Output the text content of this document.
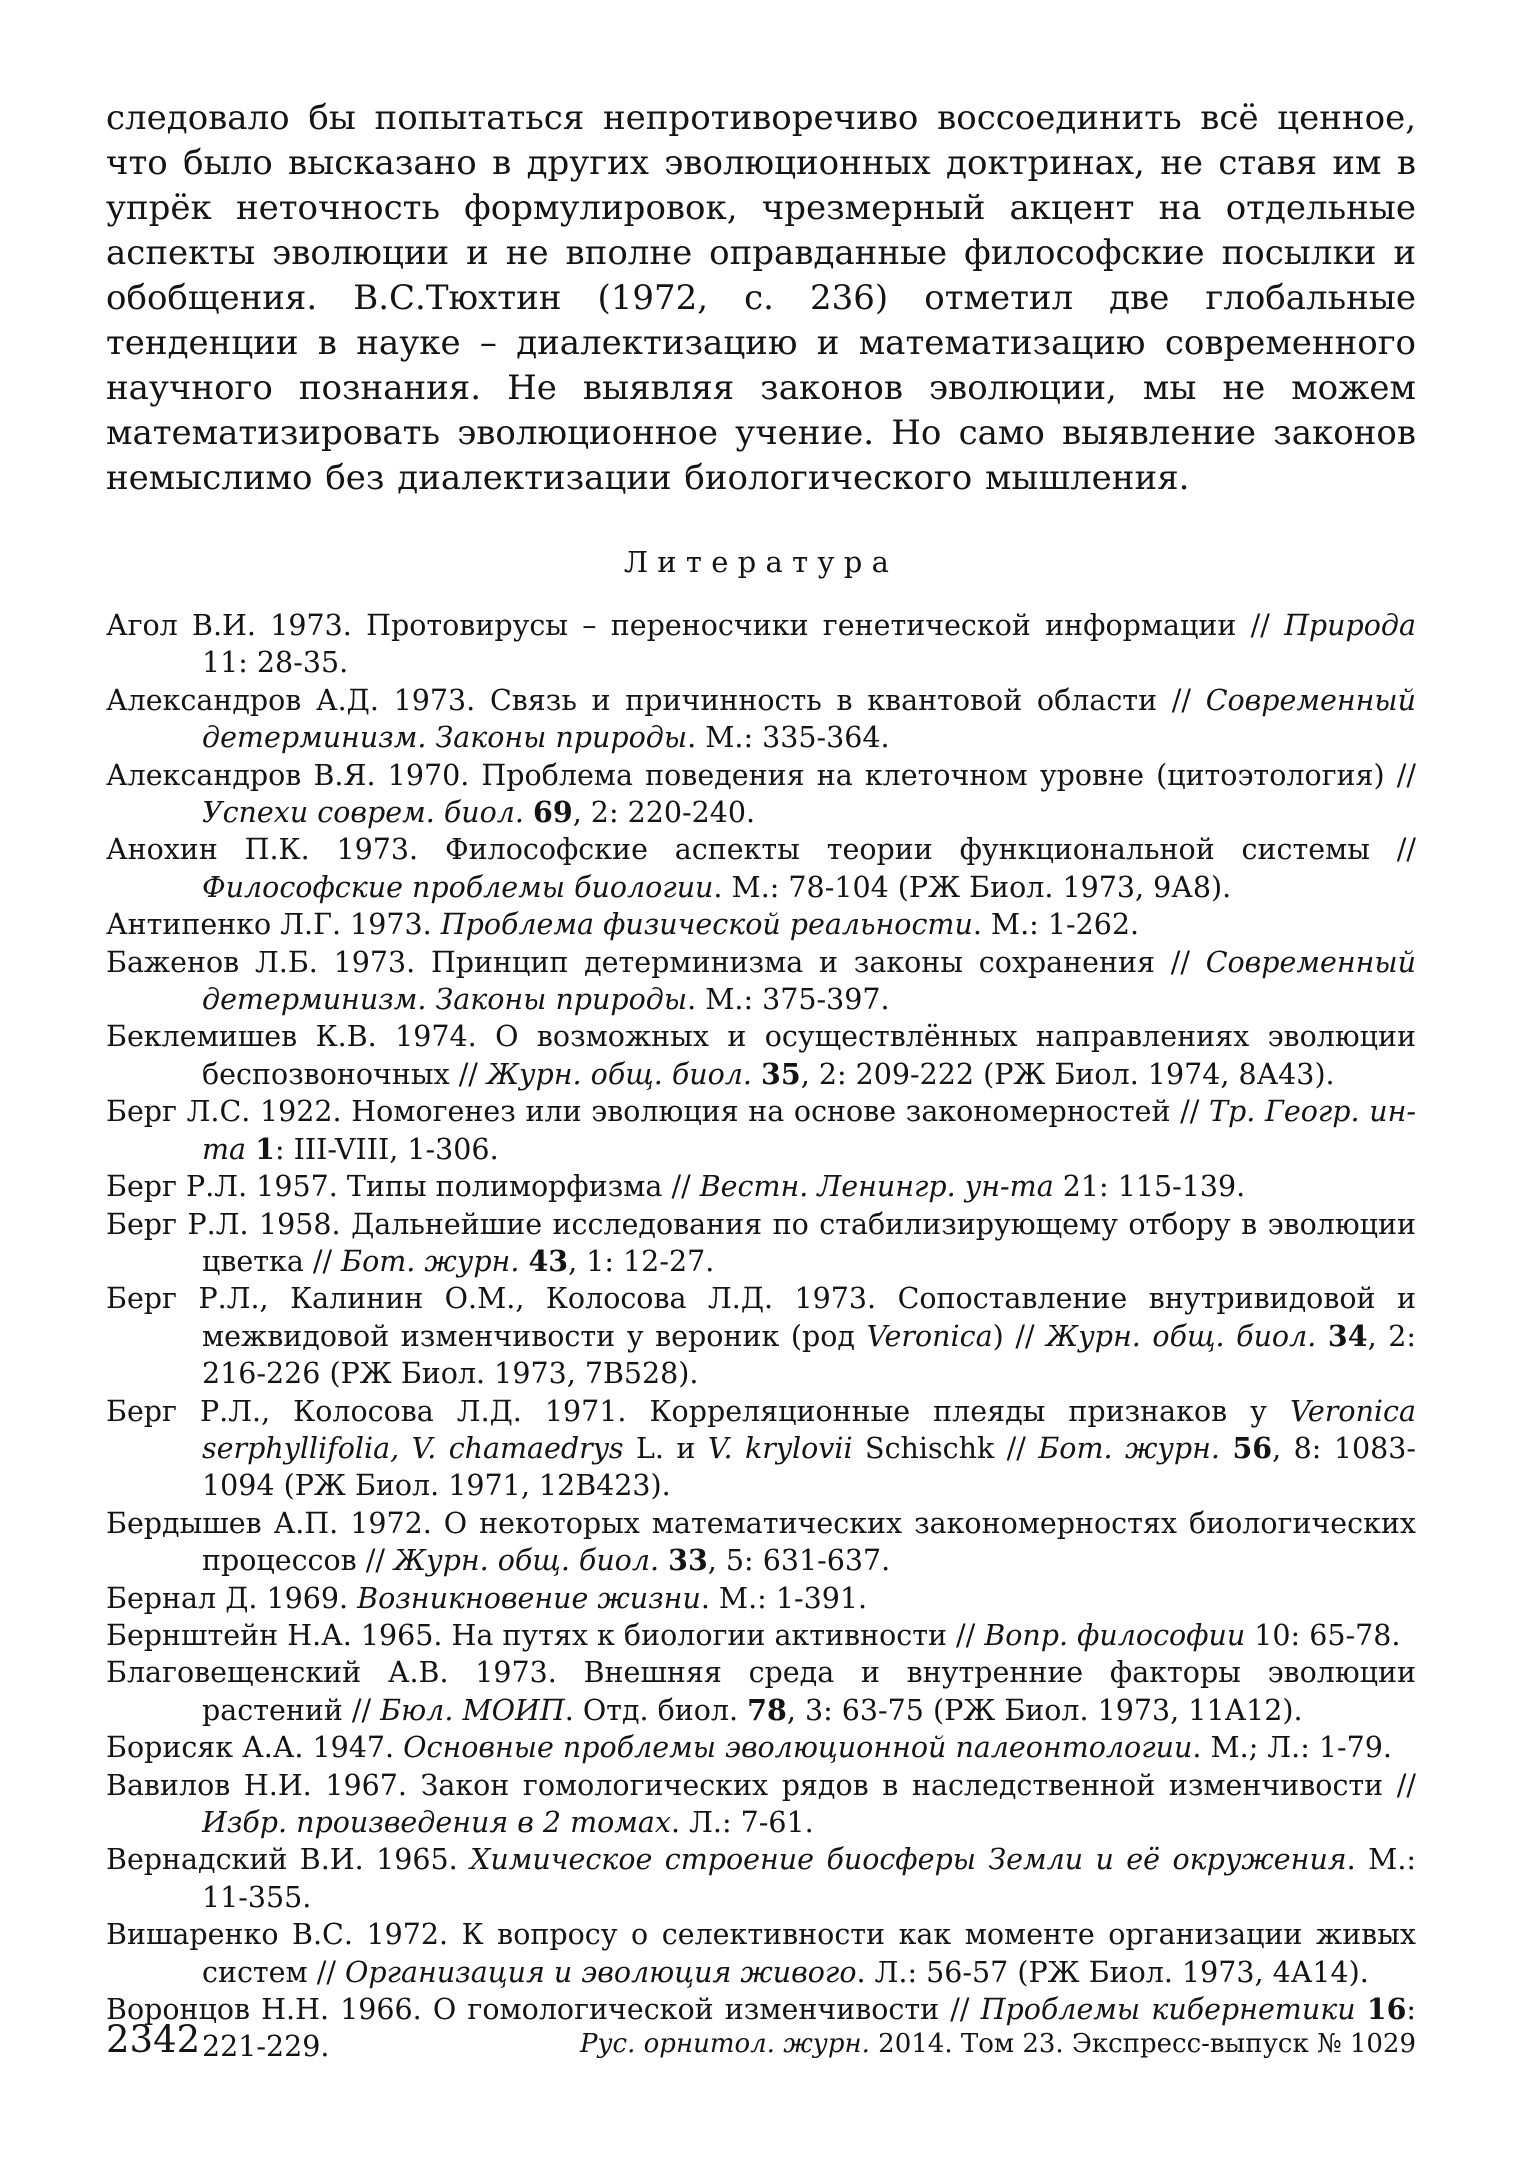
следовало бы попытаться непротиворечиво воссоединить всё ценное, что было высказано в других эволюционных доктринах, не ставя им в упрёк неточность формулировок, чрезмерный акцент на отдельные аспекты эволюции и не вполне оправданные философские посылки и обобщения. В.С.Тюхтин (1972, с. 236) отметил две глобальные тенденции в науке – диалектизацию и математизацию современного научного познания. Не выявляя законов эволюции, мы не можем математизировать эволюционное учение. Но само выявление законов немыслимо без диалектизации биологического мышления.

Литература

Агол В.И. 1973. Протовирусы – переносчики генетической информации // Природа 11: 28-35.

Александров А.Д. 1973. Связь и причинность в квантовой области // Современный детерминизм. Законы природы. М.: 335-364.

Александров В.Я. 1970. Проблема поведения на клеточном уровне (цитоэтология) // Успехи соврем. биол. 69, 2: 220-240.

Анохин П.К. 1973. Философские аспекты теории функциональной системы // Философские проблемы биологии. М.: 78-104 (РЖ Биол. 1973, 9А8).

Антипенко Л.Г. 1973. Проблема физической реальности. М.: 1-262.

Баженов Л.Б. 1973. Принцип детерминизма и законы сохранения // Современный детерминизм. Законы природы. М.: 375-397.

Беклемишев К.В. 1974. О возможных и осуществлённых направлениях эволюции беспозвоночных // Журн. общ. биол. 35, 2: 209-222 (РЖ Биол. 1974, 8А43).

Берг Л.С. 1922. Номогенез или эволюция на основе закономерностей // Тр. Геогр. ин-та 1: III-VIII, 1-306.

Берг Р.Л. 1957. Типы полиморфизма // Вестн. Ленингр. ун-та 21: 115-139.

Берг Р.Л. 1958. Дальнейшие исследования по стабилизирующему отбору в эволюции цветка // Бот. журн. 43, 1: 12-27.

Берг Р.Л., Калинин О.М., Колосова Л.Д. 1973. Сопоставление внутривидовой и межвидовой изменчивости у вероник (род Veronica) // Журн. общ. биол. 34, 2: 216-226 (РЖ Биол. 1973, 7В528).

Берг Р.Л., Колосова Л.Д. 1971. Корреляционные плеяды признаков у Veronica serphyllifolia, V. chamaedrys L. и V. krylovii Schischk // Бот. журн. 56, 8: 1083-1094 (РЖ Биол. 1971, 12В423).

Бердышев А.П. 1972. О некоторых математических закономерностях биологических процессов // Журн. общ. биол. 33, 5: 631-637.

Бернал Д. 1969. Возникновение жизни. М.: 1-391.

Бернштейн Н.А. 1965. На путях к биологии активности // Вопр. философии 10: 65-78.

Благовещенский А.В. 1973. Внешняя среда и внутренние факторы эволюции растений // Бюл. МОИП. Отд. биол. 78, 3: 63-75 (РЖ Биол. 1973, 11А12).

Борисяк А.А. 1947. Основные проблемы эволюционной палеонтологии. М.; Л.: 1-79.

Вавилов Н.И. 1967. Закон гомологических рядов в наследственной изменчивости // Избр. произведения в 2 томах. Л.: 7-61.

Вернадский В.И. 1965. Химическое строение биосферы Земли и её окружения. М.: 11-355.

Вишаренко В.С. 1972. К вопросу о селективности как моменте организации живых систем // Организация и эволюция живого. Л.: 56-57 (РЖ Биол. 1973, 4А14).

Воронцов Н.Н. 1966. О гомологической изменчивости // Проблемы кибернетики 16: 221-229.

2342	Рус. орнитол. журн. 2014. Том 23. Экспресс-выпуск № 1029
